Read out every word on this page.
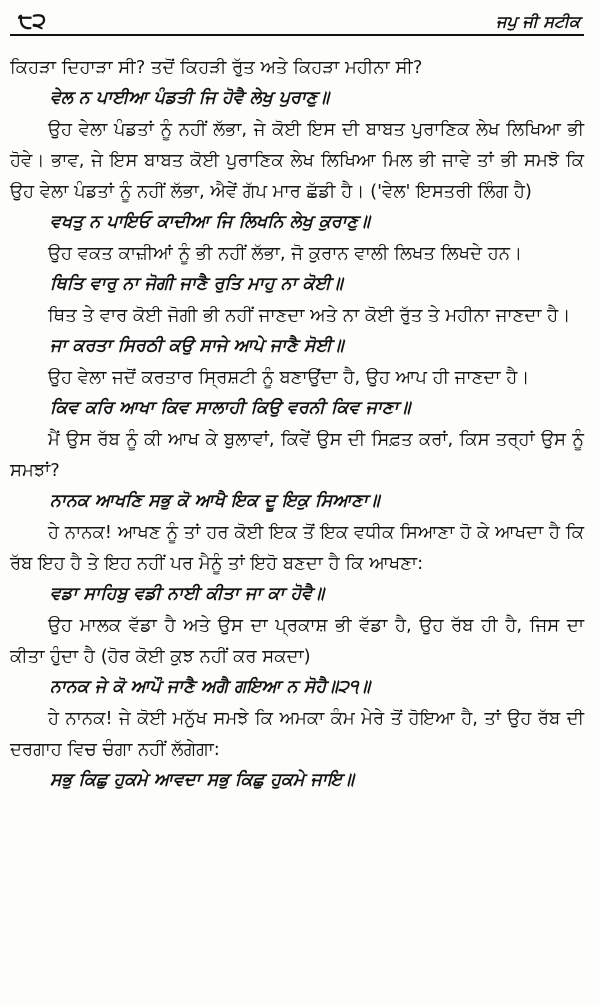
੮੨	ਜਪੁ ਜੀ ਸਟੀਕ

ਕਿਹੜਾ ਦਿਹਾੜਾ ਸੀ? ਤਦੋਂ ਕਿਹੜੀ ਰੁੱਤ ਅਤੇ ਕਿਹੜਾ ਮਹੀਨਾ ਸੀ?

ਵੇਲ ਨ ਪਾਈਆ ਪੰਡਤੀ ਜਿ ਹੋਵੈ ਲੇਖੁ ਪੁਰਾਣੁ॥

ਉਹ ਵੇਲਾ ਪੰਡਤਾਂ ਨੂੰ ਨਹੀਂ ਲੱਭਾ, ਜੇ ਕੋਈ ਇਸ ਦੀ ਬਾਬਤ ਪੁਰਾਣਿਕ ਲੇਖ ਲਿਖਿਆ ਭੀ ਹੋਵੇ। ਭਾਵ, ਜੇ ਇਸ ਬਾਬਤ ਕੋਈ ਪੁਰਾਣਿਕ ਲੇਖ ਲਿਖਿਆ ਮਿਲ ਭੀ ਜਾਵੇ ਤਾਂ ਭੀ ਸਮਝੋ ਕਿ ਉਹ ਵੇਲਾ ਪੰਡਤਾਂ ਨੂੰ ਨਹੀਂ ਲੱਭਾ, ਐਵੇਂ ਗੱਪ ਮਾਰ ਛੱਡੀ ਹੈ। ('ਵੇਲ' ਇਸਤਰੀ ਲਿੰਗ ਹੈ)

ਵਖਤੁ ਨ ਪਾਇਓ ਕਾਦੀਆ ਜਿ ਲਿਖਨਿ ਲੇਖੁ ਕੁਰਾਣੁ॥

ਉਹ ਵਕਤ ਕਾਜ਼ੀਆਂ ਨੂੰ ਭੀ ਨਹੀਂ ਲੱਭਾ, ਜੋ ਕੁਰਾਨ ਵਾਲੀ ਲਿਖਤ ਲਿਖਦੇ ਹਨ।

ਥਿਤਿ ਵਾਰੁ ਨਾ ਜੋਗੀ ਜਾਣੈ ਰੁਤਿ ਮਾਹੁ ਨਾ ਕੋਈ॥

ਥਿਤ ਤੇ ਵਾਰ ਕੋਈ ਜੋਗੀ ਭੀ ਨਹੀਂ ਜਾਣਦਾ ਅਤੇ ਨਾ ਕੋਈ ਰੁੱਤ ਤੇ ਮਹੀਨਾ ਜਾਣਦਾ ਹੈ।

ਜਾ ਕਰਤਾ ਸਿਰਠੀ ਕਉ ਸਾਜੇ ਆਪੇ ਜਾਣੈ ਸੋਈ॥

ਉਹ ਵੇਲਾ ਜਦੋਂ ਕਰਤਾਰ ਸ੍ਰਿਸ਼ਟੀ ਨੂੰ ਬਣਾਉਂਦਾ ਹੈ, ਉਹ ਆਪ ਹੀ ਜਾਣਦਾ ਹੈ।

ਕਿਵ ਕਰਿ ਆਖਾ ਕਿਵ ਸਾਲਾਹੀ ਕਿਉ ਵਰਨੀ ਕਿਵ ਜਾਣਾ॥

ਮੈਂ ਉਸ ਰੱਬ ਨੂੰ ਕੀ ਆਖ ਕੇ ਬੁਲਾਵਾਂ, ਕਿਵੇਂ ਉਸ ਦੀ ਸਿਫ਼ਤ ਕਰਾਂ, ਕਿਸ ਤਰ੍ਹਾਂ ਉਸ ਨੂੰ ਸਮਝਾਂ?

ਨਾਨਕ ਆਖਣਿ ਸਭੁ ਕੋ ਆਖੈ ਇਕ ਦੂ ਇਕੁ ਸਿਆਣਾ॥

ਹੇ ਨਾਨਕ! ਆਖਣ ਨੂੰ ਤਾਂ ਹਰ ਕੋਈ ਇਕ ਤੋਂ ਇਕ ਵਧੀਕ ਸਿਆਣਾ ਹੋ ਕੇ ਆਖਦਾ ਹੈ ਕਿ ਰੱਬ ਇਹ ਹੈ ਤੇ ਇਹ ਨਹੀਂ ਪਰ ਮੈਨੂੰ ਤਾਂ ਇਹੋ ਬਣਦਾ ਹੈ ਕਿ ਆਖਣਾ:

ਵਡਾ ਸਾਹਿਬੁ ਵਡੀ ਨਾਈ ਕੀਤਾ ਜਾ ਕਾ ਹੋਵੈ॥

ਉਹ ਮਾਲਕ ਵੱਡਾ ਹੈ ਅਤੇ ਉਸ ਦਾ ਪ੍ਰਕਾਸ਼ ਭੀ ਵੱਡਾ ਹੈ, ਉਹ ਰੱਬ ਹੀ ਹੈ, ਜਿਸ ਦਾ ਕੀਤਾ ਹੁੰਦਾ ਹੈ (ਹੋਰ ਕੋਈ ਕੁਝ ਨਹੀਂ ਕਰ ਸਕਦਾ)

ਨਾਨਕ ਜੇ ਕੋ ਆਪੌ ਜਾਣੈ ਅਗੈ ਗਇਆ ਨ ਸੋਹੈ॥੨੧॥

ਹੇ ਨਾਨਕ! ਜੇ ਕੋਈ ਮਨੁੱਖ ਸਮਝੇ ਕਿ ਅਮਕਾ ਕੰਮ ਮੇਰੇ ਤੋਂ ਹੋਇਆ ਹੈ, ਤਾਂ ਉਹ ਰੱਬ ਦੀ ਦਰਗਾਹ ਵਿਚ ਚੰਗਾ ਨਹੀਂ ਲੱਗੇਗਾ:

ਸਭੁ ਕਿਛੁ ਹੁਕਮੇ ਆਵਦਾ ਸਭੁ ਕਿਛੁ ਹੁਕਮੇ ਜਾਇ॥
